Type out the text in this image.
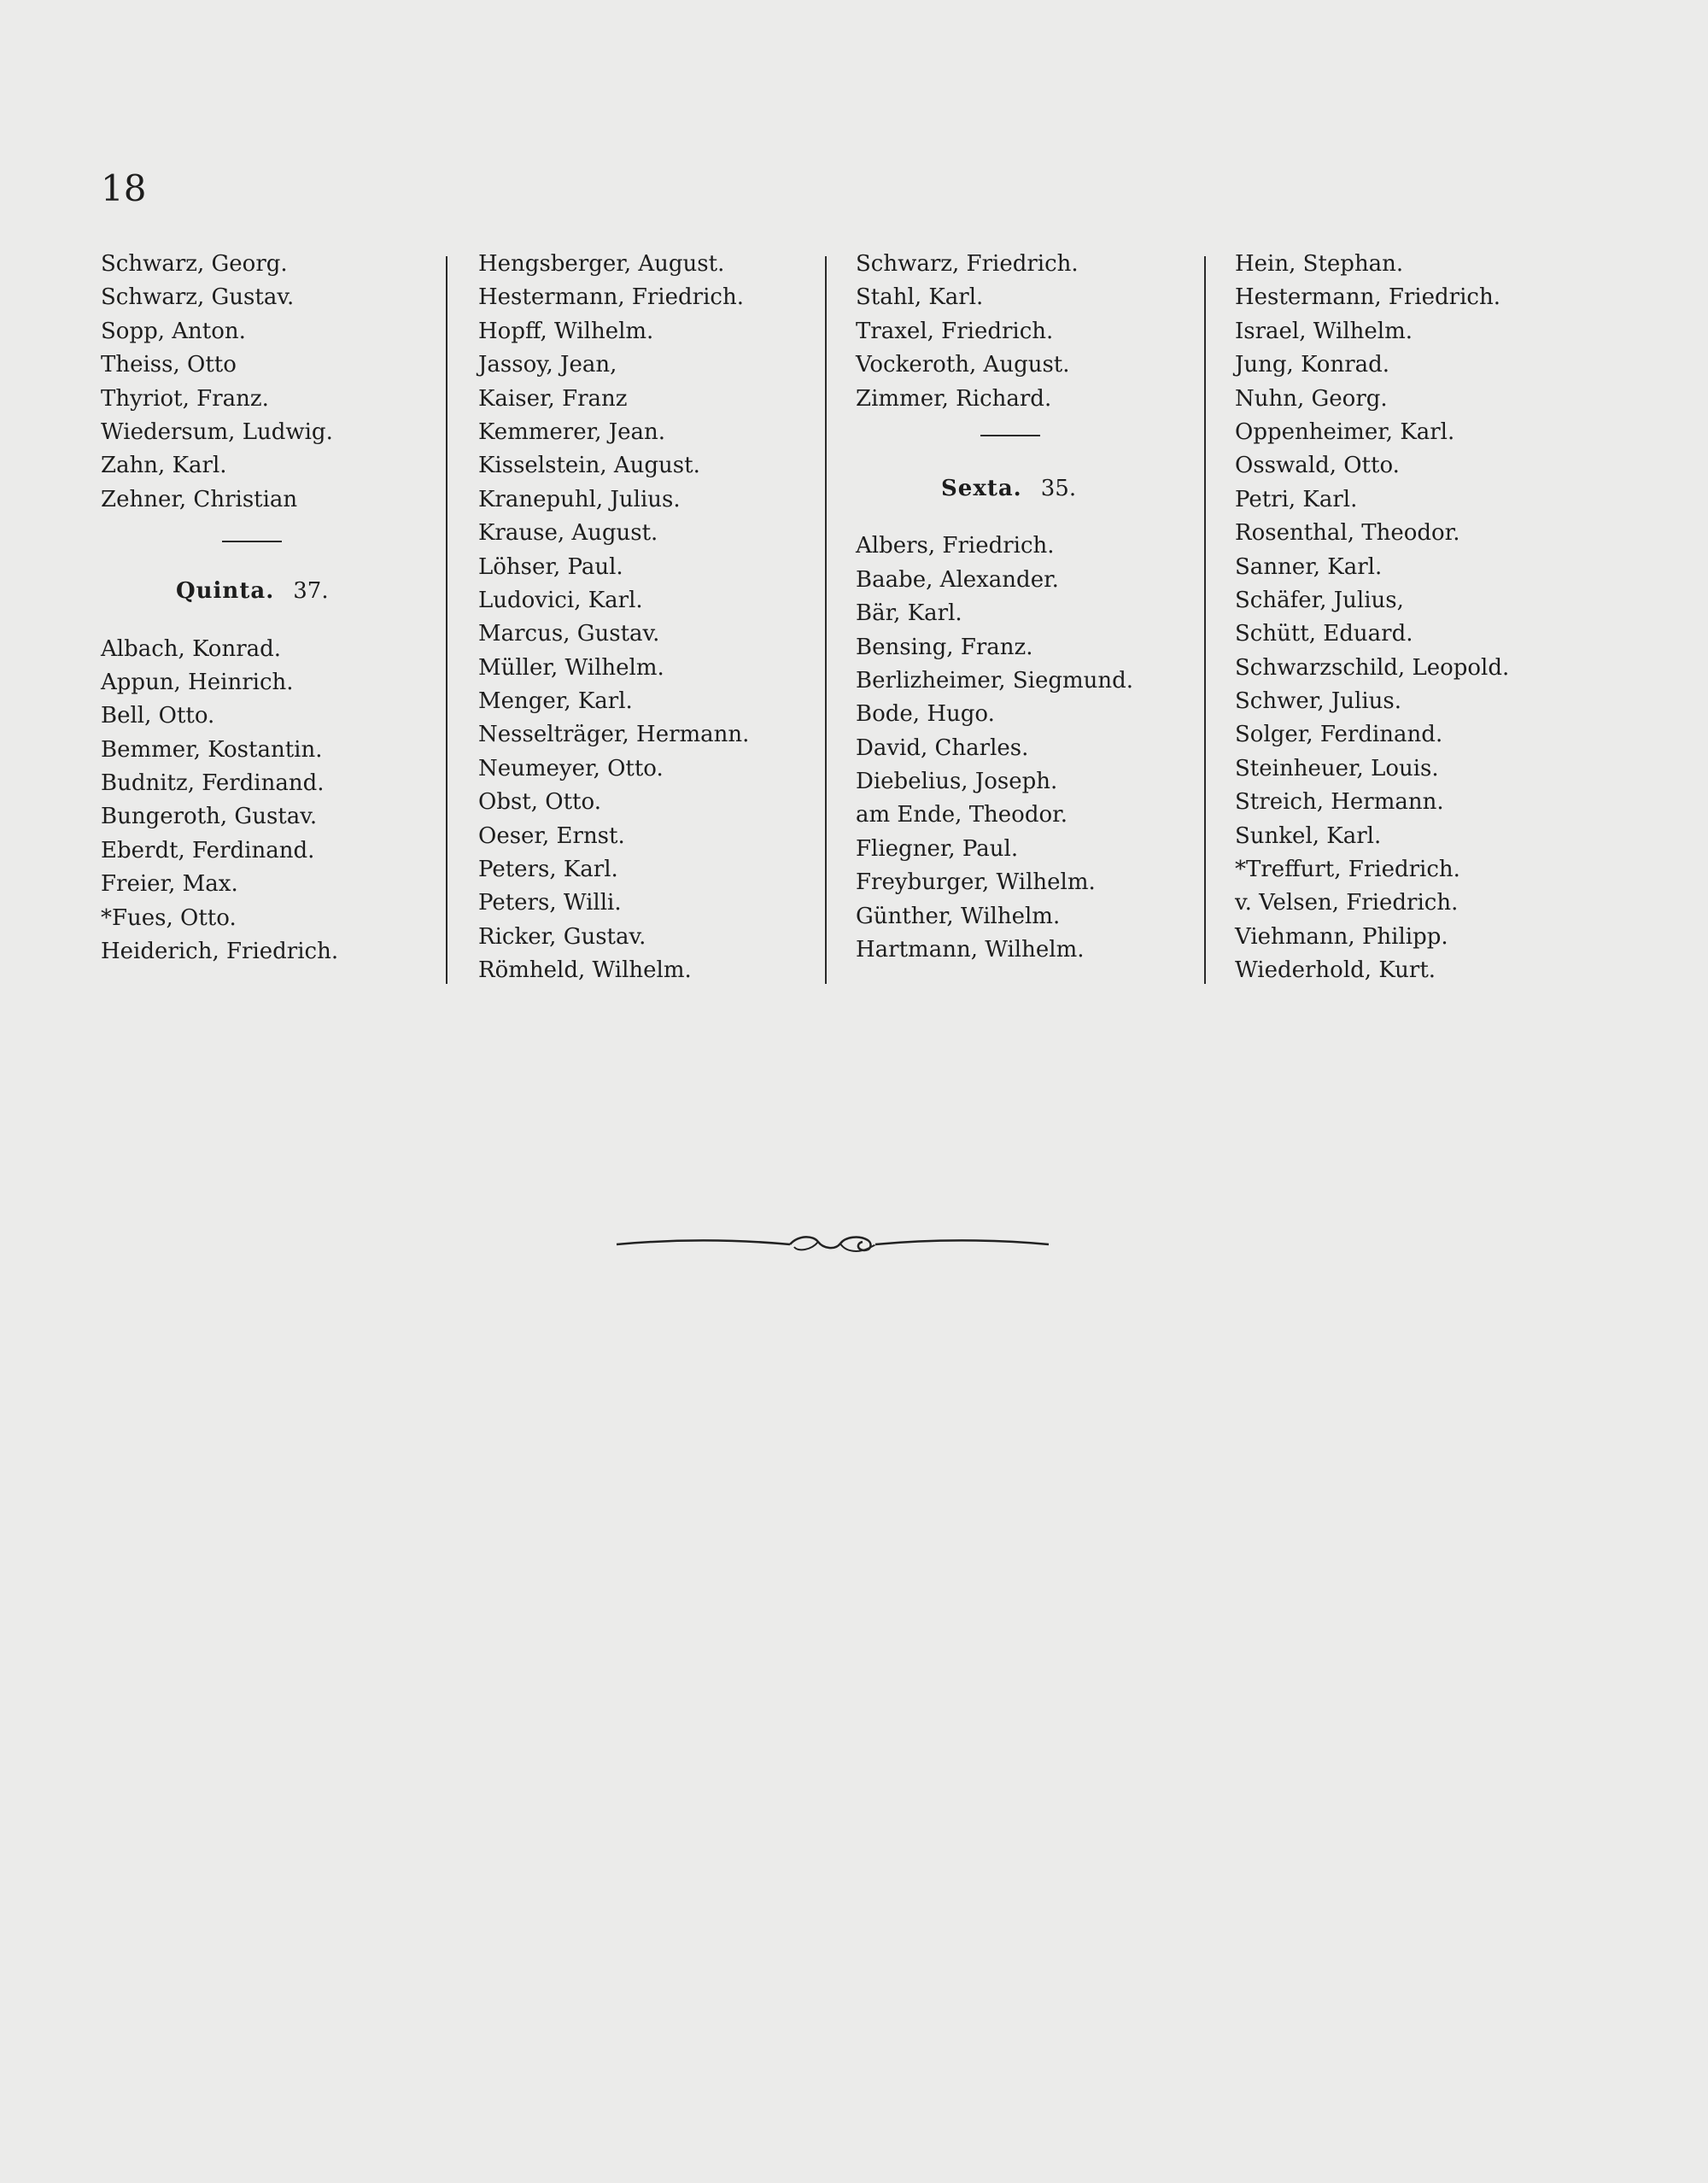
18
Schwarz, Georg.
Schwarz, Gustav.
Sopp, Anton.
Theiss, Otto
Thyriot, Franz.
Wiedersum, Ludwig.
Zahn, Karl.
Zehner, Christian
Quinta. 37.
Albach, Konrad.
Appun, Heinrich.
Bell, Otto.
Bemmer, Kostantin.
Budnitz, Ferdinand.
Bungeroth, Gustav.
Eberdt, Ferdinand.
Freier, Max.
*Fues, Otto.
Heiderich, Friedrich.
Hengsberger, August.
Hestermann, Friedrich.
Hopff, Wilhelm.
Jassoy, Jean,
Kaiser, Franz
Kemmerer, Jean.
Kisselstein, August.
Kranepuhl, Julius.
Krause, August.
Löhser, Paul.
Ludovici, Karl.
Marcus, Gustav.
Müller, Wilhelm.
Menger, Karl.
Nesselträger, Hermann.
Neumeyer, Otto.
Obst, Otto.
Oeser, Ernst.
Peters, Karl.
Peters, Willi.
Ricker, Gustav.
Römheld, Wilhelm.
Schwarz, Friedrich.
Stahl, Karl.
Traxel, Friedrich.
Vockeroth, August.
Zimmer, Richard.
Sexta. 35.
Albers, Friedrich.
Baabe, Alexander.
Bär, Karl.
Bensing, Franz.
Berlizheimer, Siegmund.
Bode, Hugo.
David, Charles.
Diebelius, Joseph.
am Ende, Theodor.
Fliegner, Paul.
Freyburger, Wilhelm.
Günther, Wilhelm.
Hartmann, Wilhelm.
Hein, Stephan.
Hestermann, Friedrich.
Israel, Wilhelm.
Jung, Konrad.
Nuhn, Georg.
Oppenheimer, Karl.
Osswald, Otto.
Petri, Karl.
Rosenthal, Theodor.
Sanner, Karl.
Schäfer, Julius,
Schütt, Eduard.
Schwarzschild, Leopold.
Schwer, Julius.
Solger, Ferdinand.
Steinheuer, Louis.
Streich, Hermann.
Sunkel, Karl.
*Treffurt, Friedrich.
v. Velsen, Friedrich.
Viehmann, Philipp.
Wiederhold, Kurt.
